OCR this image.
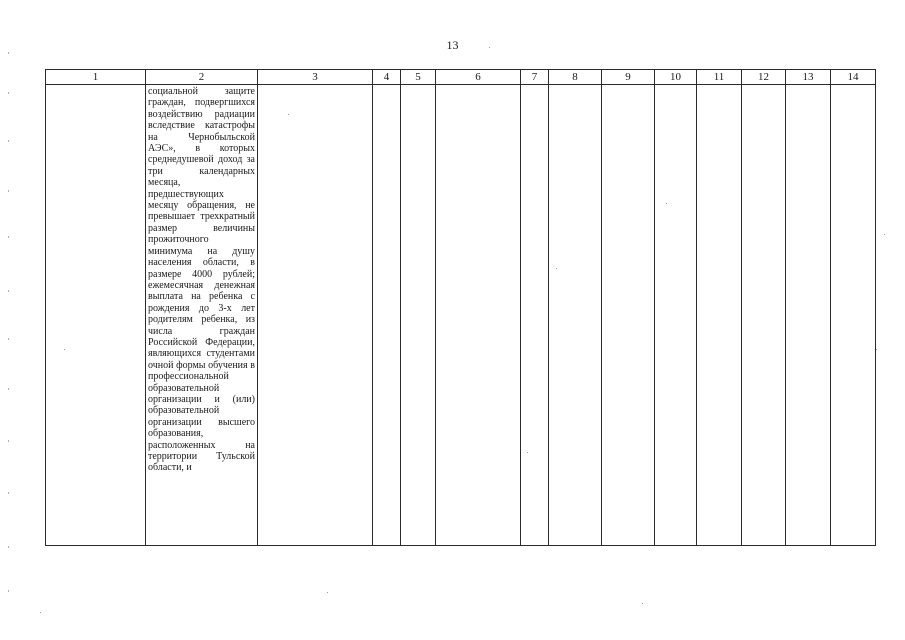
13
1	2	3	4	5	6	7	8	9	10	11	12	13	14

	социальной защите граждан, подвергшихся воздействию радиации вследствие катастрофы на Чернобыльской АЭС», в которых среднедушевой доход за три календарных месяца, предшествующих месяцу обращения, не превышает трехкратный размер величины прожиточного минимума на душу населения области, в размере 4000 рублей; ежемесячная денежная выплата на ребенка с рождения до 3-х лет родителям ребенка, из числа граждан Российской Федерации, являющихся студентами очной формы обучения в профессиональной образовательной организации и (или) образовательной организации высшего образования, расположенных на территории Тульской области, и												
